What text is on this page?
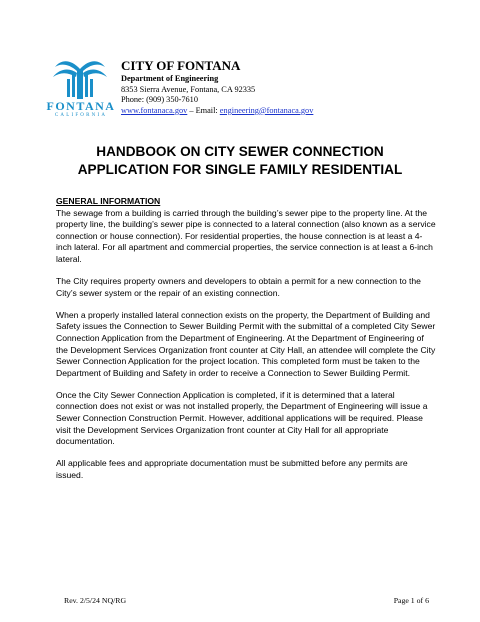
FONTANA
CALIFORNIA
CITY OF FONTANA
Department of Engineering
8353 Sierra Avenue, Fontana, CA 92335
Phone: (909) 350-7610
www.fontanaca.gov – Email: engineering@fontanaca.gov
HANDBOOK ON CITY SEWER CONNECTION
APPLICATION FOR SINGLE FAMILY RESIDENTIAL
GENERAL INFORMATION

The sewage from a building is carried through the building’s sewer pipe to the property line. At the property line, the building’s sewer pipe is connected to a lateral connection (also known as a service connection or house connection). For residential properties, the house connection is at least a 4-inch lateral. For all apartment and commercial properties, the service connection is at least a 6-inch lateral.

The City requires property owners and developers to obtain a permit for a new connection to the City’s sewer system or the repair of an existing connection.

When a properly installed lateral connection exists on the property, the Department of Building and Safety issues the Connection to Sewer Building Permit with the submittal of a completed City Sewer Connection Application from the Department of Engineering. At the Department of Engineering of the Development Services Organization front counter at City Hall, an attendee will complete the City Sewer Connection Application for the project location. This completed form must be taken to the Department of Building and Safety in order to receive a Connection to Sewer Building Permit.

Once the City Sewer Connection Application is completed, if it is determined that a lateral connection does not exist or was not installed properly, the Department of Engineering will issue a Sewer Connection Construction Permit. However, additional applications will be required. Please visit the Development Services Organization front counter at City Hall for all appropriate documentation.

All applicable fees and appropriate documentation must be submitted before any permits are issued.

Rev. 2/5/24 NQ/RG	Page 1 of 6
